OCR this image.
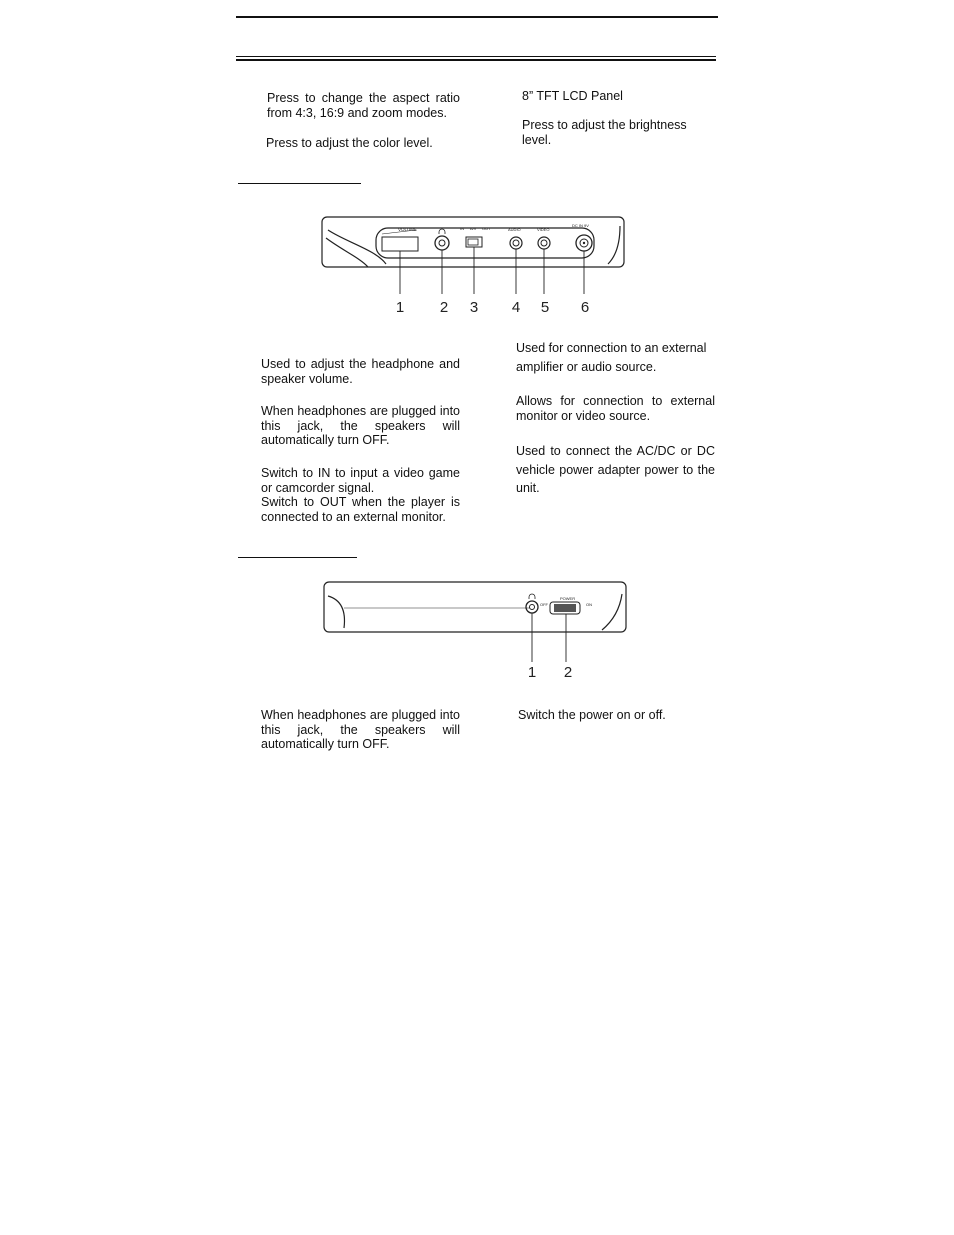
Press to change the aspect ratio from 4:3, 16:9 and zoom modes.
Press to adjust the color level.
8” TFT LCD Panel
Press to adjust the brightness level.
VOLUME	IN A/V OUT	AUDIO	VIDEO
DC IN 9V
1 2 3 4 5 6
Used to adjust the headphone and speaker volume.
When headphones are plugged into this jack, the speakers will automatically turn OFF.
Switch to IN to input a video game or camcorder signal.
Switch to OUT when the player is connected to an external monitor.
Used for connection to an external amplifier or audio source.
Allows for connection to external monitor or video source.
Used to connect the AC/DC or DC vehicle power adapter power to the unit.
OFF
POWER
ON
1 2
When headphones are plugged into this jack, the speakers will automatically turn OFF.
Switch the power on or off.
